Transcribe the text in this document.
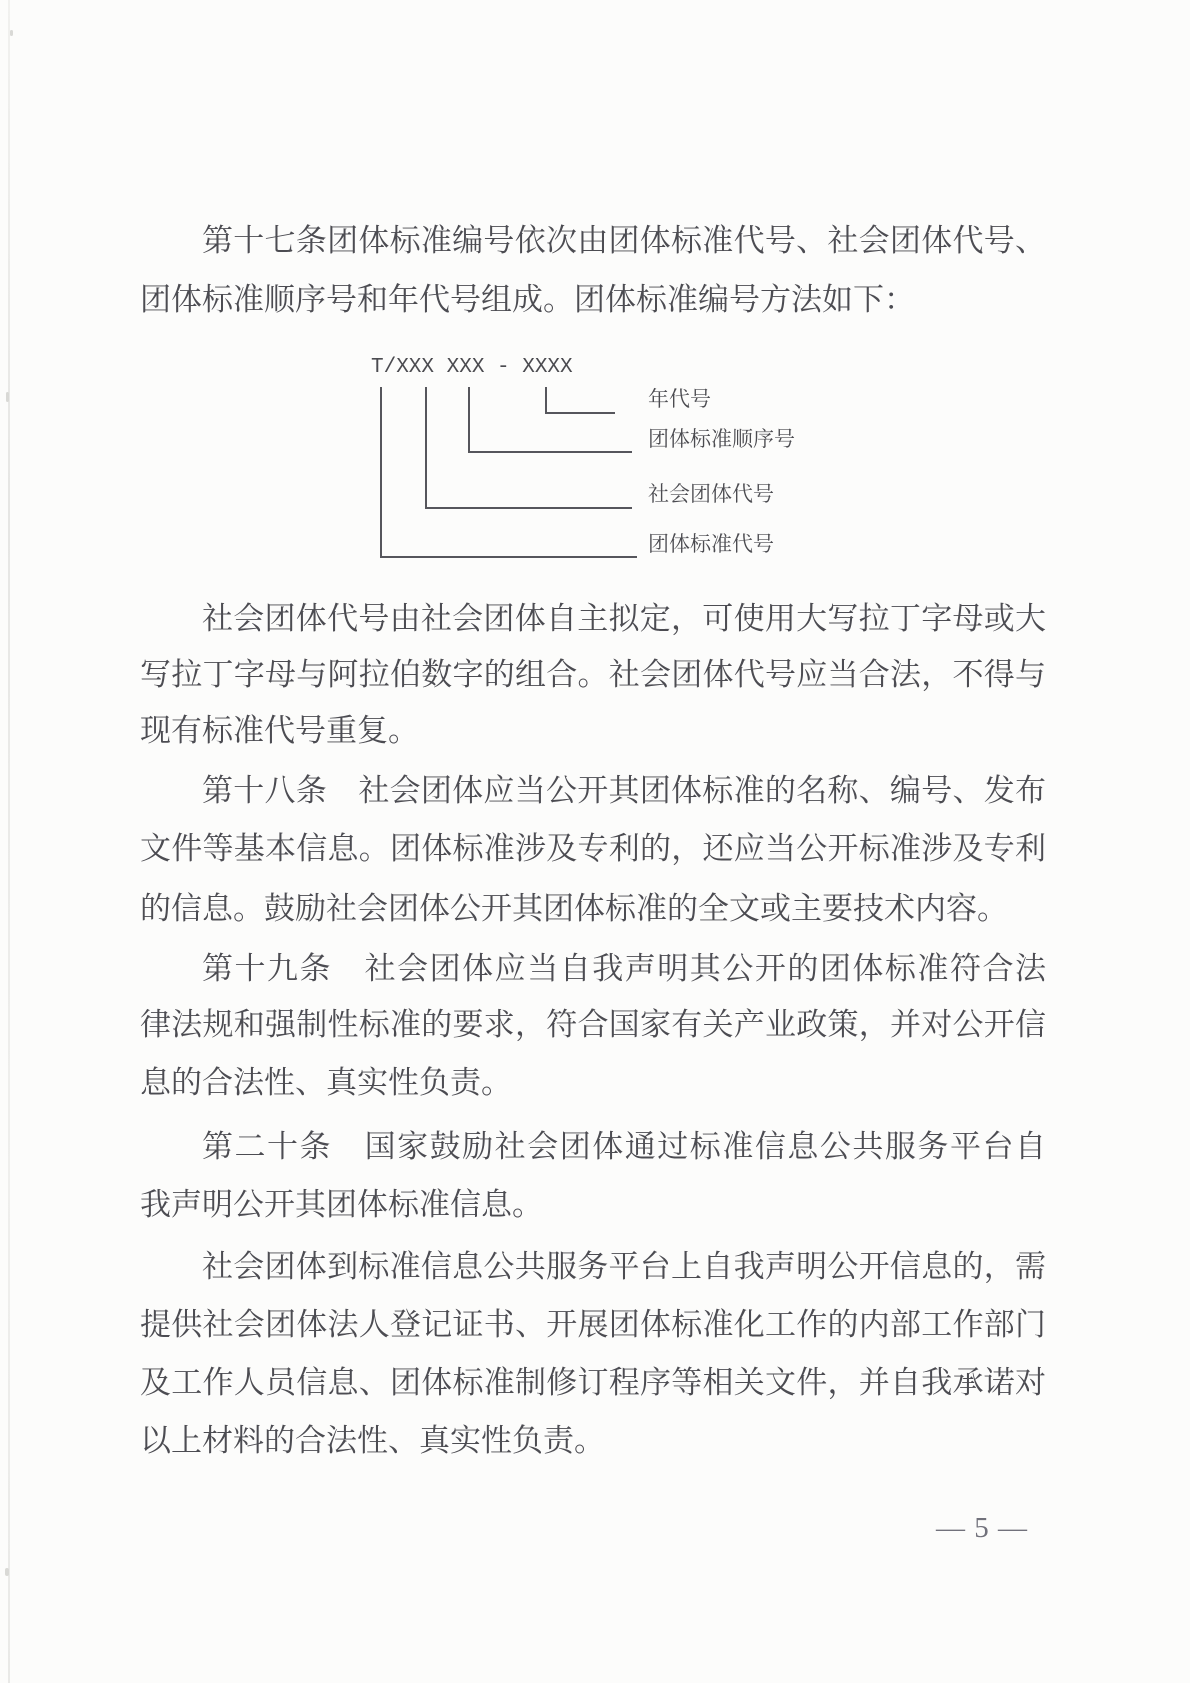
第十七条团体标准编号依次由团体标准代号、社会团体代号、
团体标准顺序号和年代号组成。团体标准编号方法如下：
T/XXX XXX - XXXX
年代号
团体标准顺序号
社会团体代号
团体标准代号
社会团体代号由社会团体自主拟定，可使用大写拉丁字母或大
写拉丁字母与阿拉伯数字的组合。社会团体代号应当合法，不得与
现有标准代号重复。
第十八条　社会团体应当公开其团体标准的名称、编号、发布
文件等基本信息。团体标准涉及专利的，还应当公开标准涉及专利
的信息。鼓励社会团体公开其团体标准的全文或主要技术内容。
第十九条　社会团体应当自我声明其公开的团体标准符合法
律法规和强制性标准的要求，符合国家有关产业政策，并对公开信
息的合法性、真实性负责。
第二十条　国家鼓励社会团体通过标准信息公共服务平台自
我声明公开其团体标准信息。
社会团体到标准信息公共服务平台上自我声明公开信息的，需
提供社会团体法人登记证书、开展团体标准化工作的内部工作部门
及工作人员信息、团体标准制修订程序等相关文件，并自我承诺对
以上材料的合法性、真实性负责。
— 5 —
